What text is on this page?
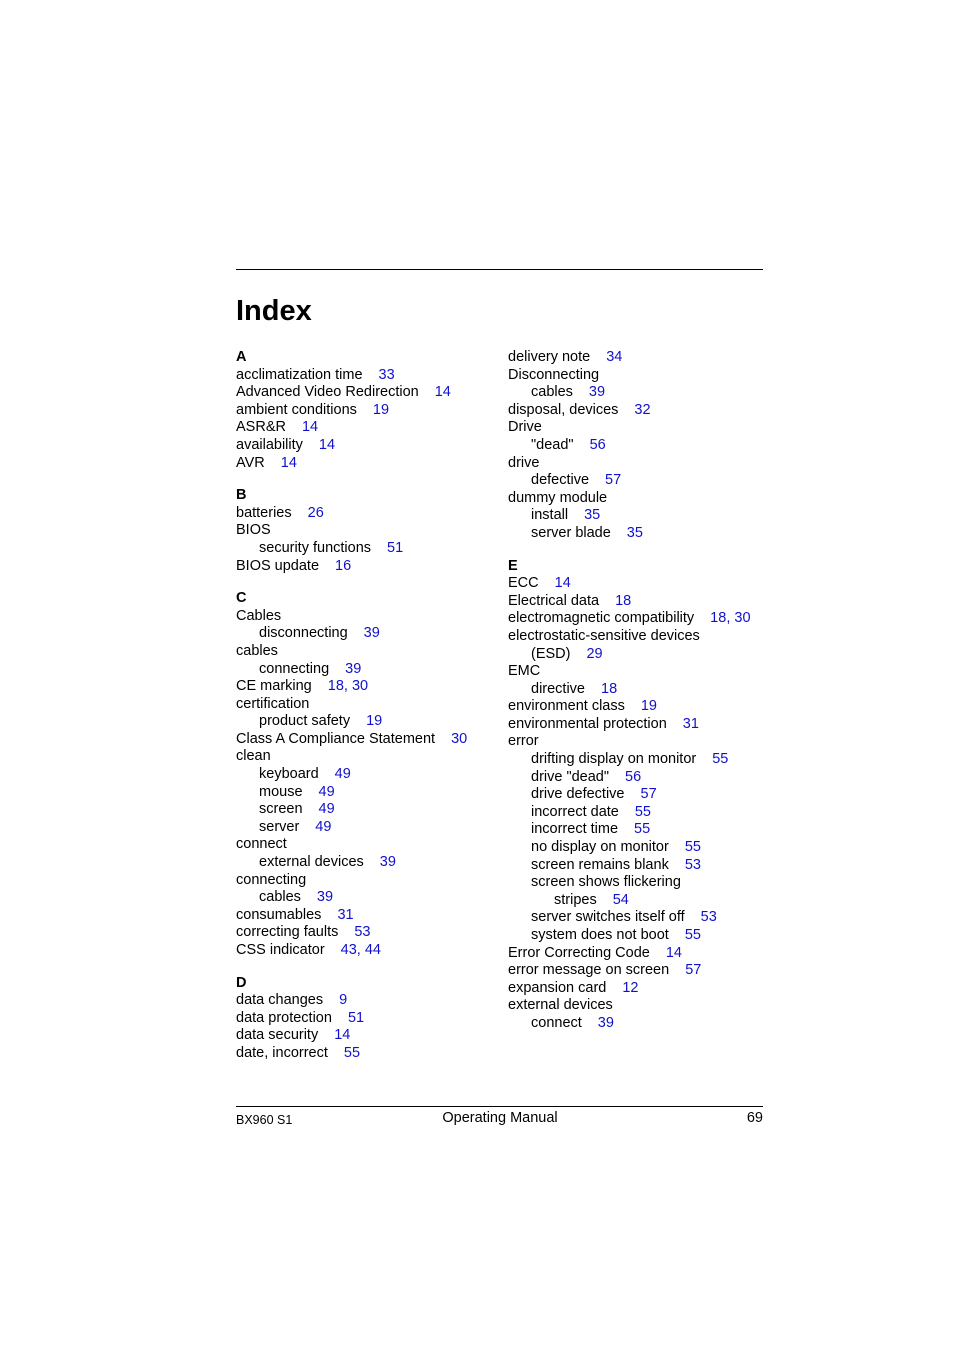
Index
A
acclimatization time 33
Advanced Video Redirection 14
ambient conditions 19
ASR&R 14
availability 14
AVR 14
B
batteries 26
BIOS
security functions 51
BIOS update 16
C
Cables
disconnecting 39
cables
connecting 39
CE marking 18, 30
certification
product safety 19
Class A Compliance Statement 30
clean
keyboard 49
mouse 49
screen 49
server 49
connect
external devices 39
connecting
cables 39
consumables 31
correcting faults 53
CSS indicator 43, 44
D
data changes 9
data protection 51
data security 14
date, incorrect 55
delivery note 34
Disconnecting
cables 39
disposal, devices 32
Drive
"dead" 56
drive
defective 57
dummy module
install 35
server blade 35
E
ECC 14
Electrical data 18
electromagnetic compatibility 18, 30
electrostatic-sensitive devices
(ESD) 29
EMC
directive 18
environment class 19
environmental protection 31
error
drifting display on monitor 55
drive "dead" 56
drive defective 57
incorrect date 55
incorrect time 55
no display on monitor 55
screen remains blank 53
screen shows flickering
stripes 54
server switches itself off 53
system does not boot 55
Error Correcting Code 14
error message on screen 57
expansion card 12
external devices
connect 39
BX960 S1	Operating Manual	69
